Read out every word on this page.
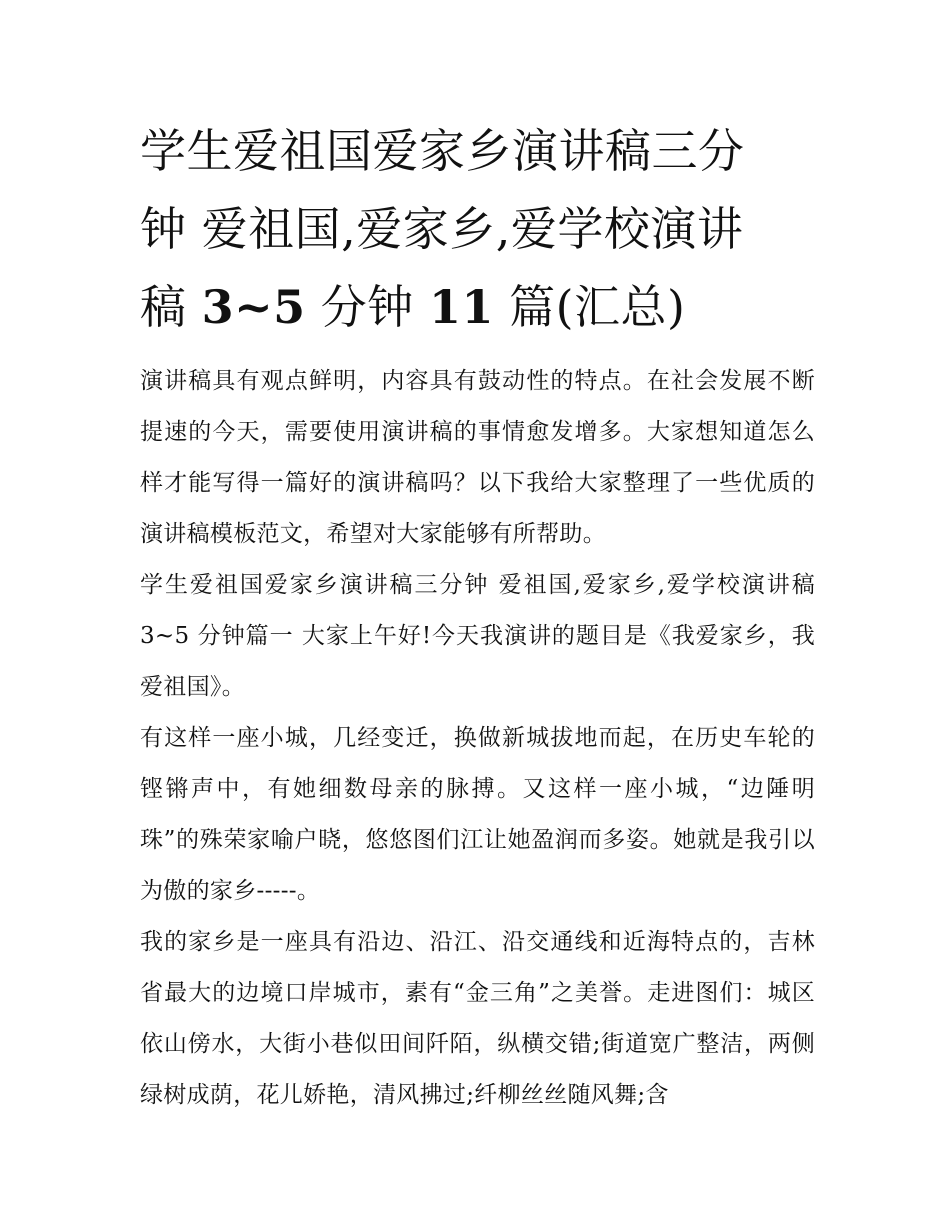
学生爱祖国爱家乡演讲稿三分
钟 爱祖国,爱家乡,爱学校演讲
稿 3~5 分钟 11 篇(汇总)

演讲稿具有观点鲜明，内容具有鼓动性的特点。在社会发展不断提速的今天，需要使用演讲稿的事情愈发增多。大家想知道怎么样才能写得一篇好的演讲稿吗？以下我给大家整理了一些优质的演讲稿模板范文，希望对大家能够有所帮助。

学生爱祖国爱家乡演讲稿三分钟 爱祖国,爱家乡,爱学校演讲稿3~5 分钟篇一 大家上午好!今天我演讲的题目是《我爱家乡，我爱祖国》。

有这样一座小城，几经变迁，换做新城拔地而起，在历史车轮的铿锵声中，有她细数母亲的脉搏。又这样一座小城，“边陲明珠”的殊荣家喻户晓，悠悠图们江让她盈润而多姿。她就是我引以为傲的家乡-----。

我的家乡是一座具有沿边、沿江、沿交通线和近海特点的，吉林省最大的边境口岸城市，素有“金三角”之美誉。走进图们：城区依山傍水，大街小巷似田间阡陌，纵横交错;街道宽广整洁，两侧绿树成荫，花儿娇艳，清风拂过;纤柳丝丝随风舞;含
